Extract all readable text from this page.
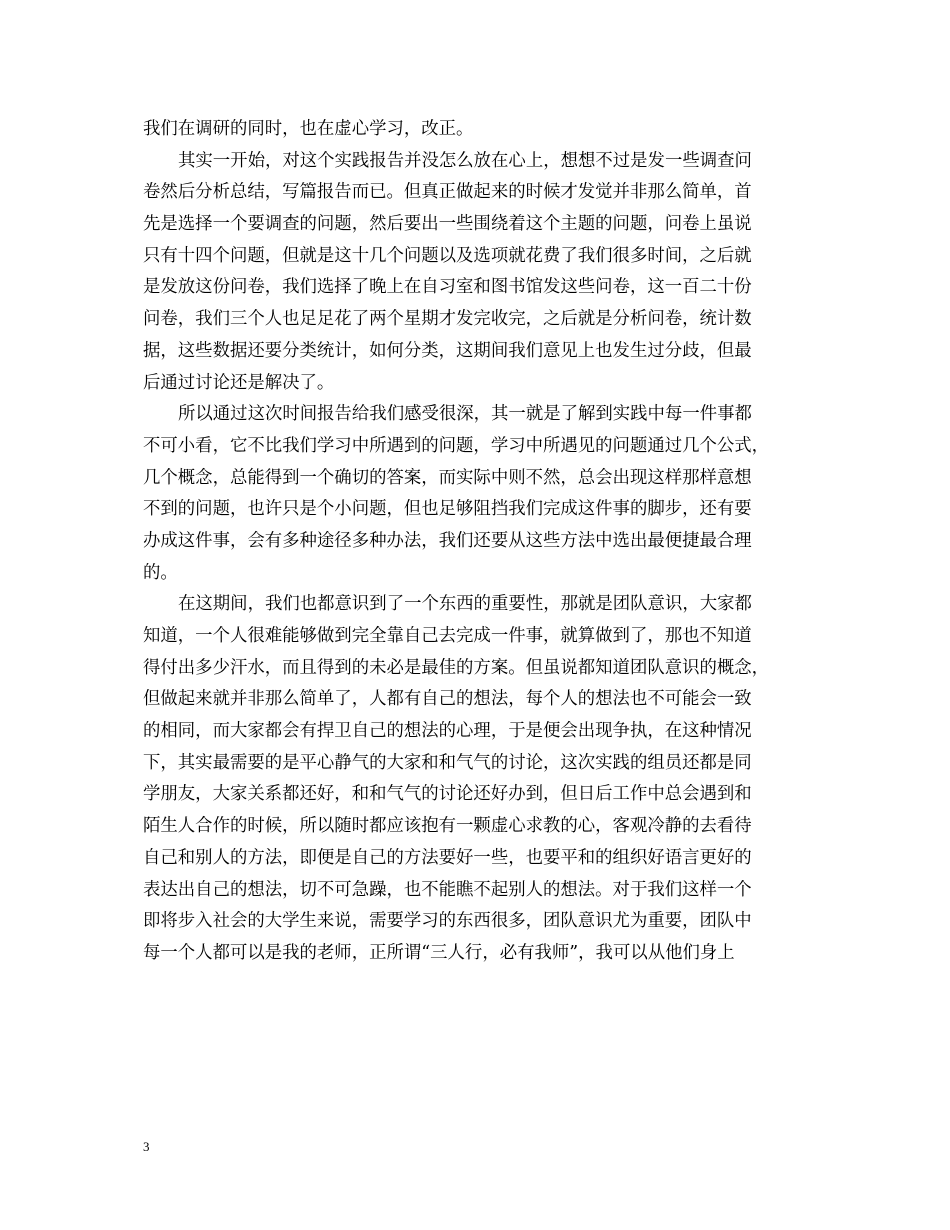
我们在调研的同时，也在虚心学习，改正。
其实一开始，对这个实践报告并没怎么放在心上，想想不过是发一些调查问
卷然后分析总结，写篇报告而已。但真正做起来的时候才发觉并非那么简单，首
先是选择一个要调查的问题，然后要出一些围绕着这个主题的问题，问卷上虽说
只有十四个问题，但就是这十几个问题以及选项就花费了我们很多时间，之后就
是发放这份问卷，我们选择了晚上在自习室和图书馆发这些问卷，这一百二十份
问卷，我们三个人也足足花了两个星期才发完收完，之后就是分析问卷，统计数
据，这些数据还要分类统计，如何分类，这期间我们意见上也发生过分歧，但最
后通过讨论还是解决了。
所以通过这次时间报告给我们感受很深，其一就是了解到实践中每一件事都
不可小看，它不比我们学习中所遇到的问题，学习中所遇见的问题通过几个公式，
几个概念，总能得到一个确切的答案，而实际中则不然，总会出现这样那样意想
不到的问题，也许只是个小问题，但也足够阻挡我们完成这件事的脚步，还有要
办成这件事，会有多种途径多种办法，我们还要从这些方法中选出最便捷最合理
的。
在这期间，我们也都意识到了一个东西的重要性，那就是团队意识，大家都
知道，一个人很难能够做到完全靠自己去完成一件事，就算做到了，那也不知道
得付出多少汗水，而且得到的未必是最佳的方案。但虽说都知道团队意识的概念，
但做起来就并非那么简单了，人都有自己的想法，每个人的想法也不可能会一致
的相同，而大家都会有捍卫自己的想法的心理，于是便会出现争执，在这种情况
下，其实最需要的是平心静气的大家和和气气的讨论，这次实践的组员还都是同
学朋友，大家关系都还好，和和气气的讨论还好办到，但日后工作中总会遇到和
陌生人合作的时候，所以随时都应该抱有一颗虚心求教的心，客观冷静的去看待
自己和别人的方法，即便是自己的方法要好一些，也要平和的组织好语言更好的
表达出自己的想法，切不可急躁，也不能瞧不起别人的想法。对于我们这样一个
即将步入社会的大学生来说，需要学习的东西很多，团队意识尤为重要，团队中
每一个人都可以是我的老师，正所谓“三人行，必有我师”，我可以从他们身上
3
